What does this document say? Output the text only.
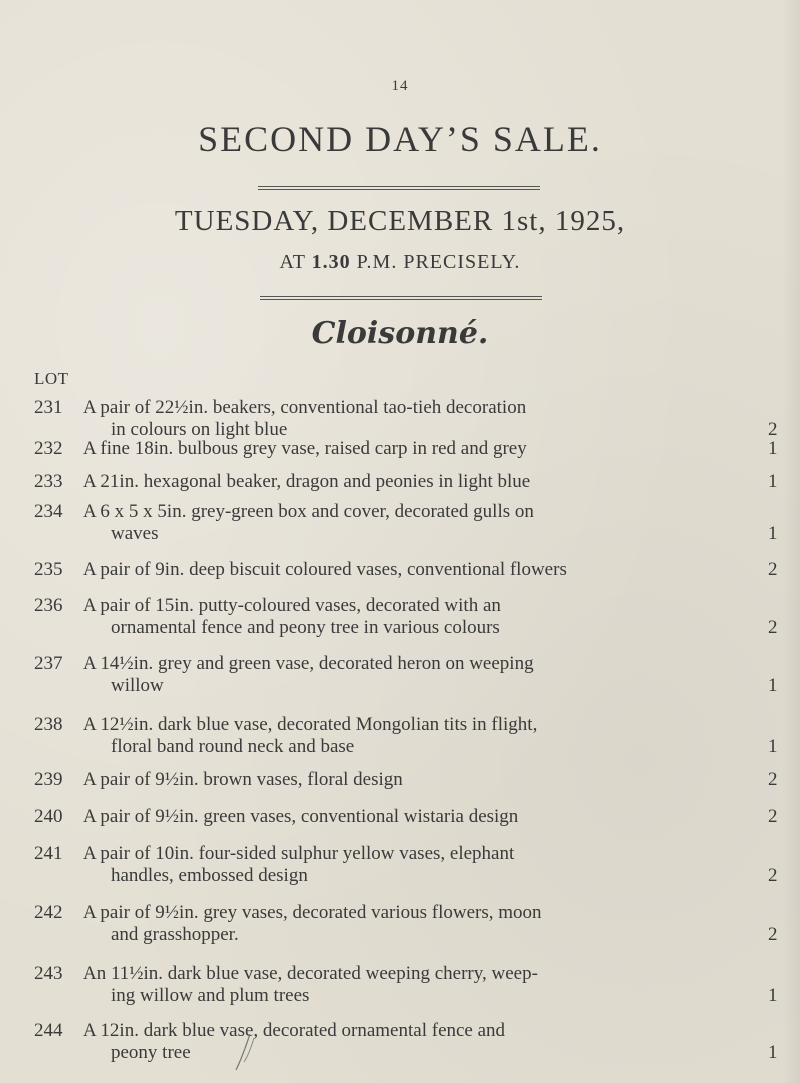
14
SECOND DAY’S SALE.
TUESDAY, DECEMBER 1st, 1925,
AT 1.30 P.M. PRECISELY.
Cloisonné.
LOT
231	A pair of 22½in. beakers, conventional tao-tieh decoration
in colours on light blue	2
232	A fine 18in. bulbous grey vase, raised carp in red and grey	1
233	A 21in. hexagonal beaker, dragon and peonies in light blue	1
234	A 6 x 5 x 5in. grey-green box and cover, decorated gulls on
waves	1
235	A pair of 9in. deep biscuit coloured vases, conventional flowers	2
236	A pair of 15in. putty-coloured vases, decorated with an
ornamental fence and peony tree in various colours	2
237	A 14½in. grey and green vase, decorated heron on weeping
willow	1
238	A 12½in. dark blue vase, decorated Mongolian tits in flight,
floral band round neck and base	1
239	A pair of 9½in. brown vases, floral design	2
240	A pair of 9½in. green vases, conventional wistaria design	2
241	A pair of 10in. four-sided sulphur yellow vases, elephant
handles, embossed design	2
242	A pair of 9½in. grey vases, decorated various flowers, moon
and grasshopper.	2
243	An 11½in. dark blue vase, decorated weeping cherry, weep-
ing willow and plum trees	1
244	A 12in. dark blue vase, decorated ornamental fence and
peony tree	1
